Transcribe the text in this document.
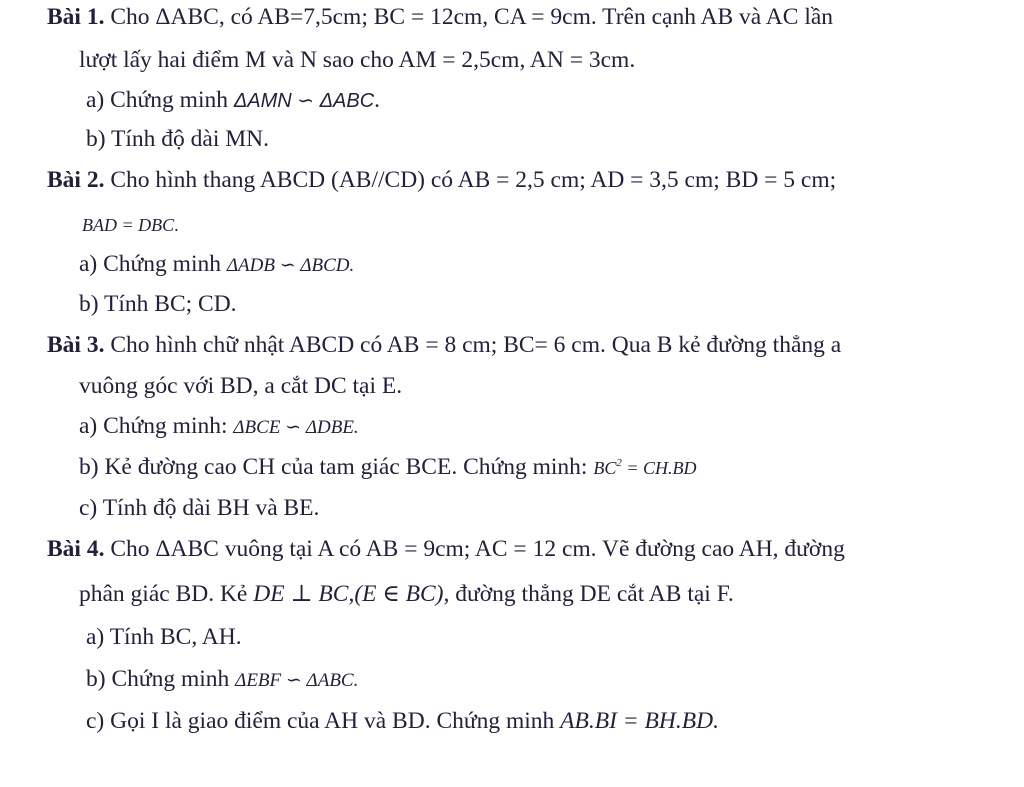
Bài 1. Cho ΔABC, có AB=7,5cm; BC = 12cm, CA = 9cm. Trên cạnh AB và AC lần
lượt lấy hai điểm M và N sao cho AM = 2,5cm, AN = 3cm.
a) Chứng minh ΔAMN ∽ ΔABC.
b) Tính độ dài MN.
Bài 2. Cho hình thang ABCD (AB//CD) có AB = 2,5 cm; AD = 3,5 cm; BD = 5 cm;
BAD = DBC.
a) Chứng minh ΔADB ∽ ΔBCD.
b) Tính BC; CD.
Bài 3. Cho hình chữ nhật ABCD có AB = 8 cm; BC= 6 cm. Qua B kẻ đường thẳng a
vuông góc với BD, a cắt DC tại E.
a) Chứng minh: ΔBCE ∽ ΔDBE.
b) Kẻ đường cao CH của tam giác BCE. Chứng minh: $BC^2 = CH.BD$
c) Tính độ dài BH và BE.
Bài 4. Cho ΔABC vuông tại A có AB = 9cm; AC = 12 cm. Vẽ đường cao AH, đường
phân giác BD. Kẻ DE ⊥ BC,(E ∈ BC), đường thẳng DE cắt AB tại F.
a) Tính BC, AH.
b) Chứng minh ΔEBF ∽ ΔABC.
c) Gọi I là giao điểm của AH và BD. Chứng minh AB.BI = BH.BD.
